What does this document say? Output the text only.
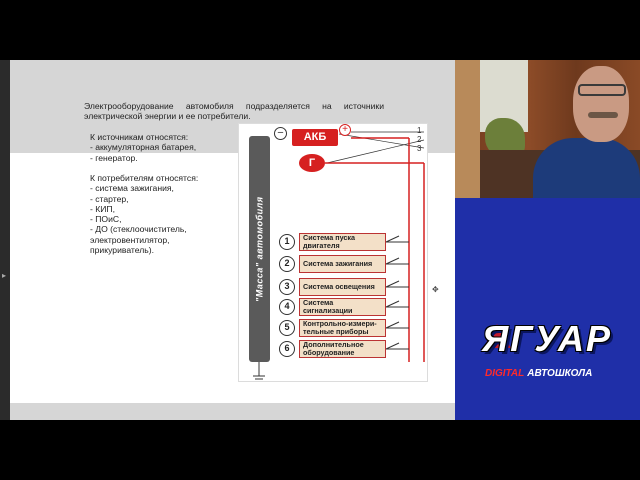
▸
Электрооборудование автомобиля подразделяется на источники электрической энергии и ее потребители.
К источникам относятся:
- аккумуляторная батарея,
- генератор.
К потребителям относятся:
- система зажигания,
- стартер,
- КИП,
- ПОиС,
- ДО (стеклоочиститель,
электровентилятор,
прикуриватель).	"Масса" автомобиля
−	АКБ
+
Г
1
2
3
1	Система пуска двигателя
2	Система зажигания
3	Система освещения
4	Система сигнализации
5	Контрольно-измери- тельные приборы
6	Дополнительное оборудование
✥
ЯГУАР
DIGITAL АВТОШКОЛА
